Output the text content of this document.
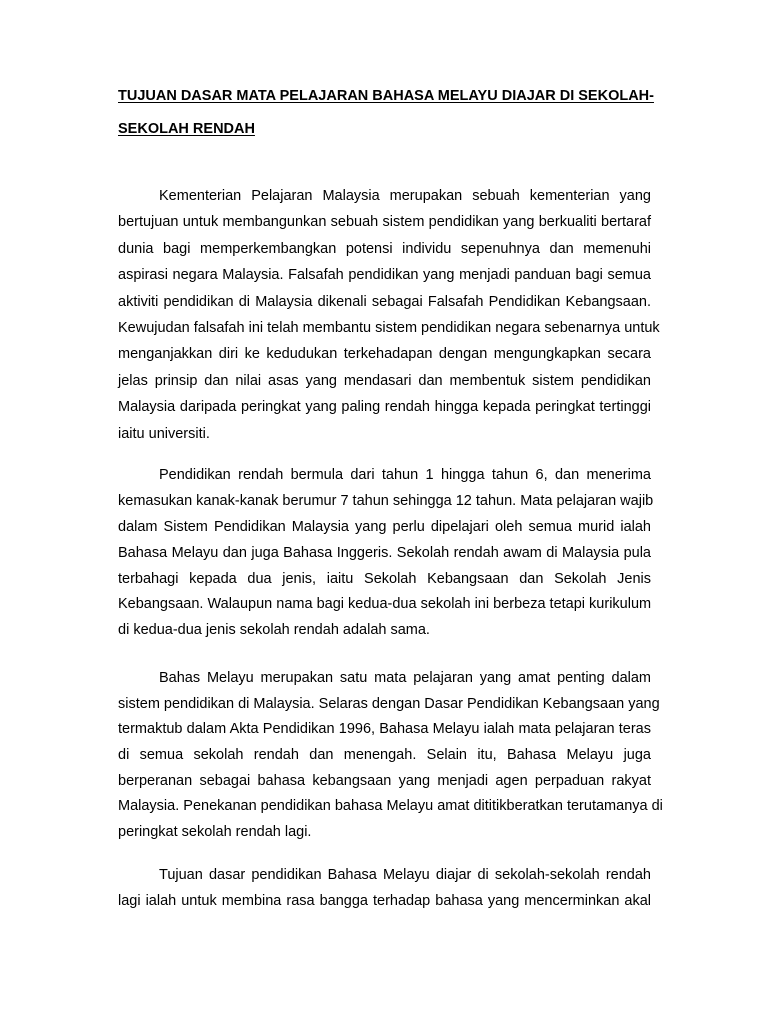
TUJUAN DASAR MATA PELAJARAN BAHASA MELAYU DIAJAR DI SEKOLAH-

SEKOLAH RENDAH

Kementerian Pelajaran Malaysia merupakan sebuah kementerian yang
bertujuan untuk membangunkan sebuah sistem pendidikan yang berkualiti bertaraf
dunia bagi memperkembangkan potensi individu sepenuhnya dan memenuhi
aspirasi negara Malaysia. Falsafah pendidikan yang menjadi panduan bagi semua
aktiviti pendidikan di Malaysia dikenali sebagai Falsafah Pendidikan Kebangsaan.
Kewujudan falsafah ini telah membantu sistem pendidikan negara sebenarnya untuk
menganjakkan diri ke kedudukan terkehadapan dengan mengungkapkan secara
jelas prinsip dan nilai asas yang mendasari dan membentuk sistem pendidikan
Malaysia daripada peringkat yang paling rendah hingga kepada peringkat tertinggi
iaitu universiti.
Pendidikan rendah bermula dari tahun 1 hingga tahun 6, dan menerima
kemasukan kanak-kanak berumur 7 tahun sehingga 12 tahun. Mata pelajaran wajib
dalam Sistem Pendidikan Malaysia yang perlu dipelajari oleh semua murid ialah
Bahasa Melayu dan juga Bahasa Inggeris. Sekolah rendah awam di Malaysia pula
terbahagi kepada dua jenis, iaitu Sekolah Kebangsaan dan Sekolah Jenis
Kebangsaan. Walaupun nama bagi kedua-dua sekolah ini berbeza tetapi kurikulum
di kedua-dua jenis sekolah rendah adalah sama.
Bahas Melayu merupakan satu mata pelajaran yang amat penting dalam
sistem pendidikan di Malaysia. Selaras dengan Dasar Pendidikan Kebangsaan yang
termaktub dalam Akta Pendidikan 1996, Bahasa Melayu ialah mata pelajaran teras
di semua sekolah rendah dan menengah. Selain itu, Bahasa Melayu juga
berperanan sebagai bahasa kebangsaan yang menjadi agen perpaduan rakyat
Malaysia. Penekanan pendidikan bahasa Melayu amat dititikberatkan terutamanya di
peringkat sekolah rendah lagi.
Tujuan dasar pendidikan Bahasa Melayu diajar di sekolah-sekolah rendah
lagi ialah untuk membina rasa bangga terhadap bahasa yang mencerminkan akal
